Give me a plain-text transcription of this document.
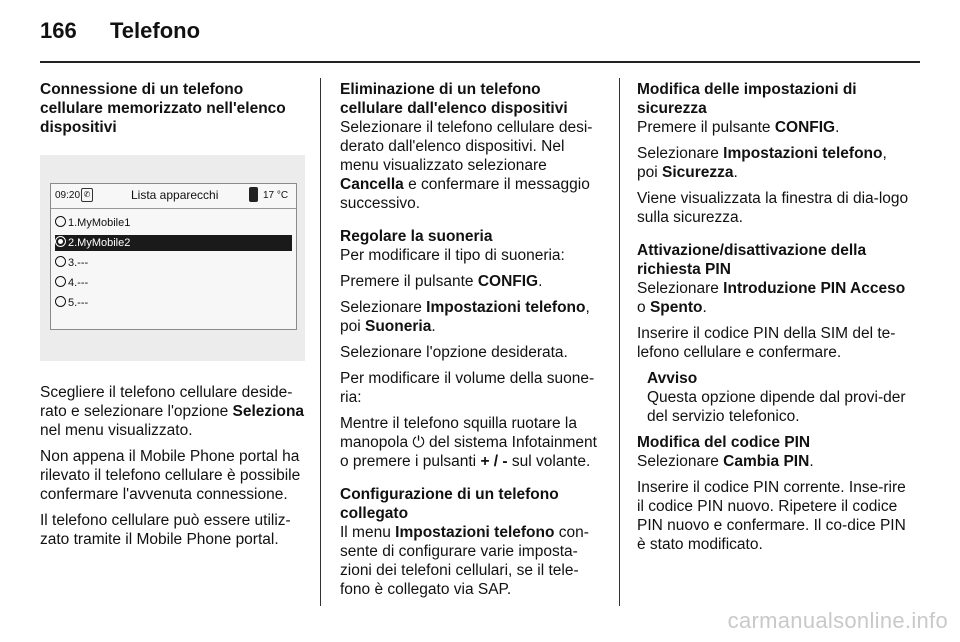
166 Telefono
Connessione di un telefono cellulare memorizzato nell'elenco dispositivi
09:20 ✆	Lista apparecchi	17 °C
1.MyMobile1
2.MyMobile2
3.---
4.---
5.---

Scegliere il telefono cellulare deside-rato e selezionare l'opzione Seleziona nel menu visualizzato.

Non appena il Mobile Phone portal ha rilevato il telefono cellulare è possibile confermare l'avvenuta connessione.

Il telefono cellulare può essere utiliz-zato tramite il Mobile Phone portal.

Eliminazione di un telefono cellulare dall'elenco dispositivi

Selezionare il telefono cellulare desi-derato dall'elenco dispositivi. Nel menu visualizzato selezionare Cancella e confermare il messaggio successivo.

Regolare la suoneria

Per modificare il tipo di suoneria:

Premere il pulsante CONFIG.

Selezionare Impostazioni telefono, poi Suoneria.

Selezionare l'opzione desiderata.

Per modificare il volume della suone-ria:

Mentre il telefono squilla ruotare la manopola ⏻ del sistema Infotainment o premere i pulsanti + / - sul volante.

Configurazione di un telefono collegato

Il menu Impostazioni telefono con-sente di configurare varie imposta-zioni dei telefoni cellulari, se il tele-fono è collegato via SAP.

Modifica delle impostazioni di sicurezza

Premere il pulsante CONFIG.

Selezionare Impostazioni telefono, poi Sicurezza.

Viene visualizzata la finestra di dia-logo sulla sicurezza.

Attivazione/disattivazione della richiesta PIN

Selezionare Introduzione PIN Acceso o Spento.

Inserire il codice PIN della SIM del te-lefono cellulare e confermare.

Avviso
Questa opzione dipende dal provi-der del servizio telefonico.
Modifica del codice PIN

Selezionare Cambia PIN.

Inserire il codice PIN corrente. Inse-rire il codice PIN nuovo. Ripetere il codice PIN nuovo e confermare. Il co-dice PIN è stato modificato.

carmanualsonline.info
